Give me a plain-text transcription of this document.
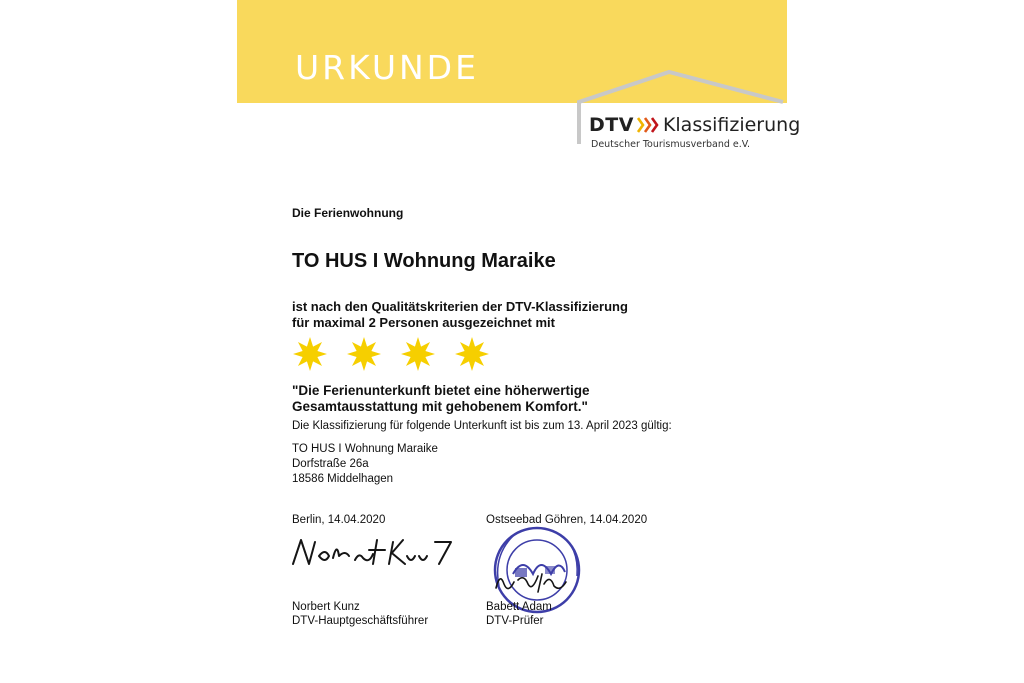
URKUNDE
DTV Klassifizierung
Deutscher Tourismusverband e.V.
Die Ferienwohnung
TO HUS I Wohnung Maraike
ist nach den Qualitätskriterien der DTV-Klassifizierung
für maximal 2 Personen ausgezeichnet mit
"Die Ferienunterkunft bietet eine höherwertige
Gesamtausstattung mit gehobenem Komfort."
Die Klassifizierung für folgende Unterkunft ist bis zum 13. April 2023 gültig:
TO HUS I Wohnung Maraike
Dorfstraße 26a
18586 Middelhagen
Berlin, 14.04.2020	Ostseebad Göhren, 14.04.2020
Norbert Kunz
DTV-Hauptgeschäftsführer
Babett Adam
DTV-Prüfer
